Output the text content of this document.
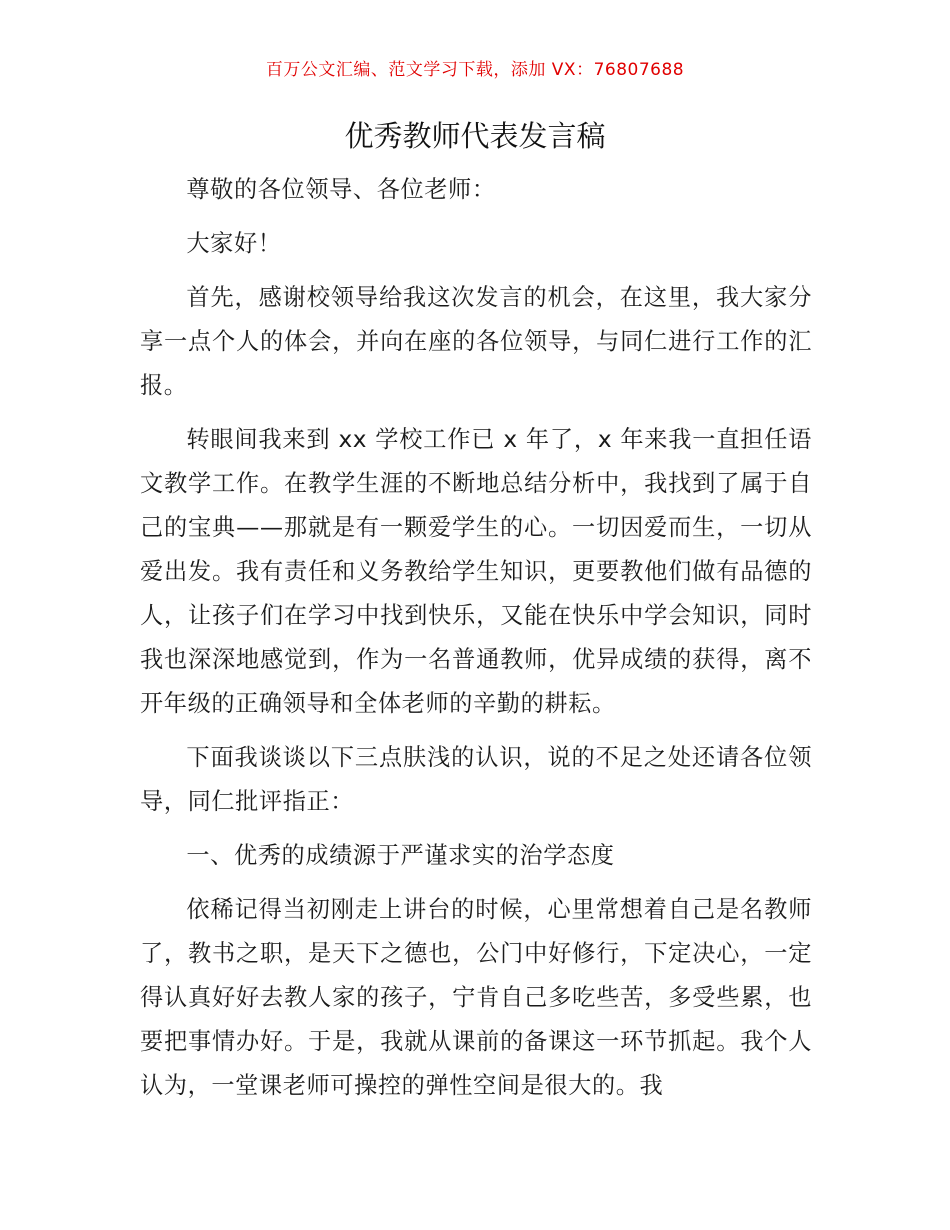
百万公文汇编、范文学习下载，添加 VX：76807688
优秀教师代表发言稿

尊敬的各位领导、各位老师：

大家好！

首先，感谢校领导给我这次发言的机会，在这里，我大家分享一点个人的体会，并向在座的各位领导，与同仁进行工作的汇报。

转眼间我来到 xx 学校工作已 x 年了，x 年来我一直担任语文教学工作。在教学生涯的不断地总结分析中，我找到了属于自己的宝典——那就是有一颗爱学生的心。一切因爱而生，一切从爱出发。我有责任和义务教给学生知识，更要教他们做有品德的人，让孩子们在学习中找到快乐，又能在快乐中学会知识，同时我也深深地感觉到，作为一名普通教师，优异成绩的获得，离不开年级的正确领导和全体老师的辛勤的耕耘。

下面我谈谈以下三点肤浅的认识，说的不足之处还请各位领导，同仁批评指正：

一、优秀的成绩源于严谨求实的治学态度

依稀记得当初刚走上讲台的时候，心里常想着自己是名教师了，教书之职，是天下之德也，公门中好修行，下定决心，一定得认真好好去教人家的孩子，宁肯自己多吃些苦，多受些累，也要把事情办好。于是，我就从课前的备课这一环节抓起。我个人认为，一堂课老师可操控的弹性空间是很大的。我
